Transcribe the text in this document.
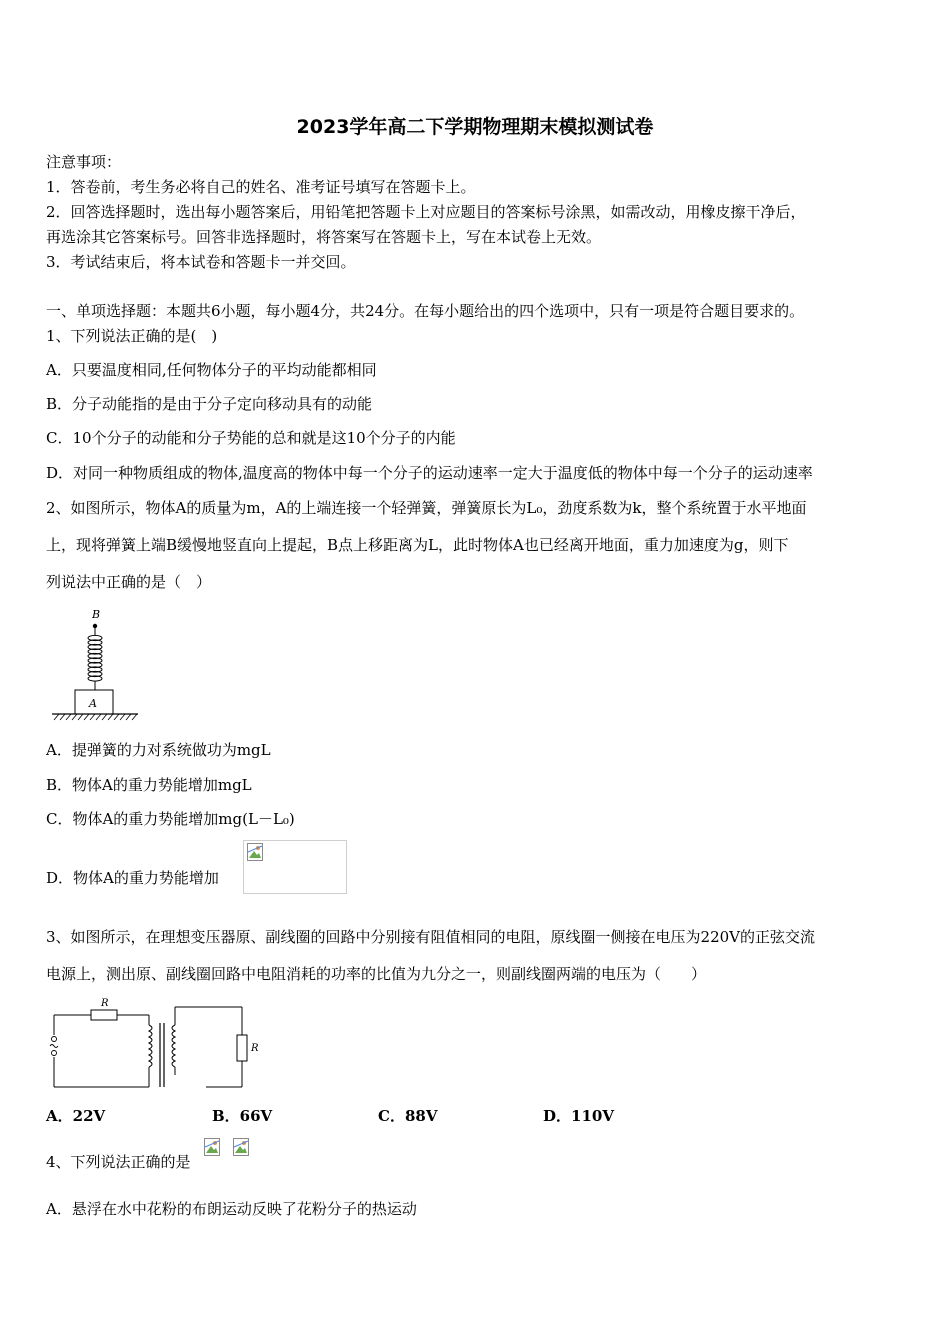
2023学年高二下学期物理期末模拟测试卷
注意事项：
1．答卷前，考生务必将自己的姓名、准考证号填写在答题卡上。
2．回答选择题时，选出每小题答案后，用铅笔把答题卡上对应题目的答案标号涂黑，如需改动，用橡皮擦干净后，
再选涂其它答案标号。回答非选择题时，将答案写在答题卡上，写在本试卷上无效。
3．考试结束后，将本试卷和答题卡一并交回。
一、单项选择题：本题共6小题，每小题4分，共24分。在每小题给出的四个选项中，只有一项是符合题目要求的。
1、下列说法正确的是(　)
A．只要温度相同,任何物体分子的平均动能都相同
B．分子动能指的是由于分子定向移动具有的动能
C．10个分子的动能和分子势能的总和就是这10个分子的内能
D．对同一种物质组成的物体,温度高的物体中每一个分子的运动速率一定大于温度低的物体中每一个分子的运动速率
2、如图所示，物体A的质量为m，A的上端连接一个轻弹簧，弹簧原长为L₀，劲度系数为k，整个系统置于水平地面
上，现将弹簧上端B缓慢地竖直向上提起，B点上移距离为L，此时物体A也已经离开地面，重力加速度为g，则下
列说法中正确的是（　）
B
A
A．提弹簧的力对系统做功为mgL
B．物体A的重力势能增加mgL
C．物体A的重力势能增加mg(L－L₀)
D．物体A的重力势能增加
3、如图所示，在理想变压器原、副线圈的回路中分别接有阻值相同的电阻，原线圈一侧接在电压为220V的正弦交流
电源上，测出原、副线圈回路中电阻消耗的功率的比值为九分之一，则副线圈两端的电压为（　　）
R
R
A．22V	B．66V	C．88V	D．110V
4、下列说法正确的是
A．悬浮在水中花粉的布朗运动反映了花粉分子的热运动
